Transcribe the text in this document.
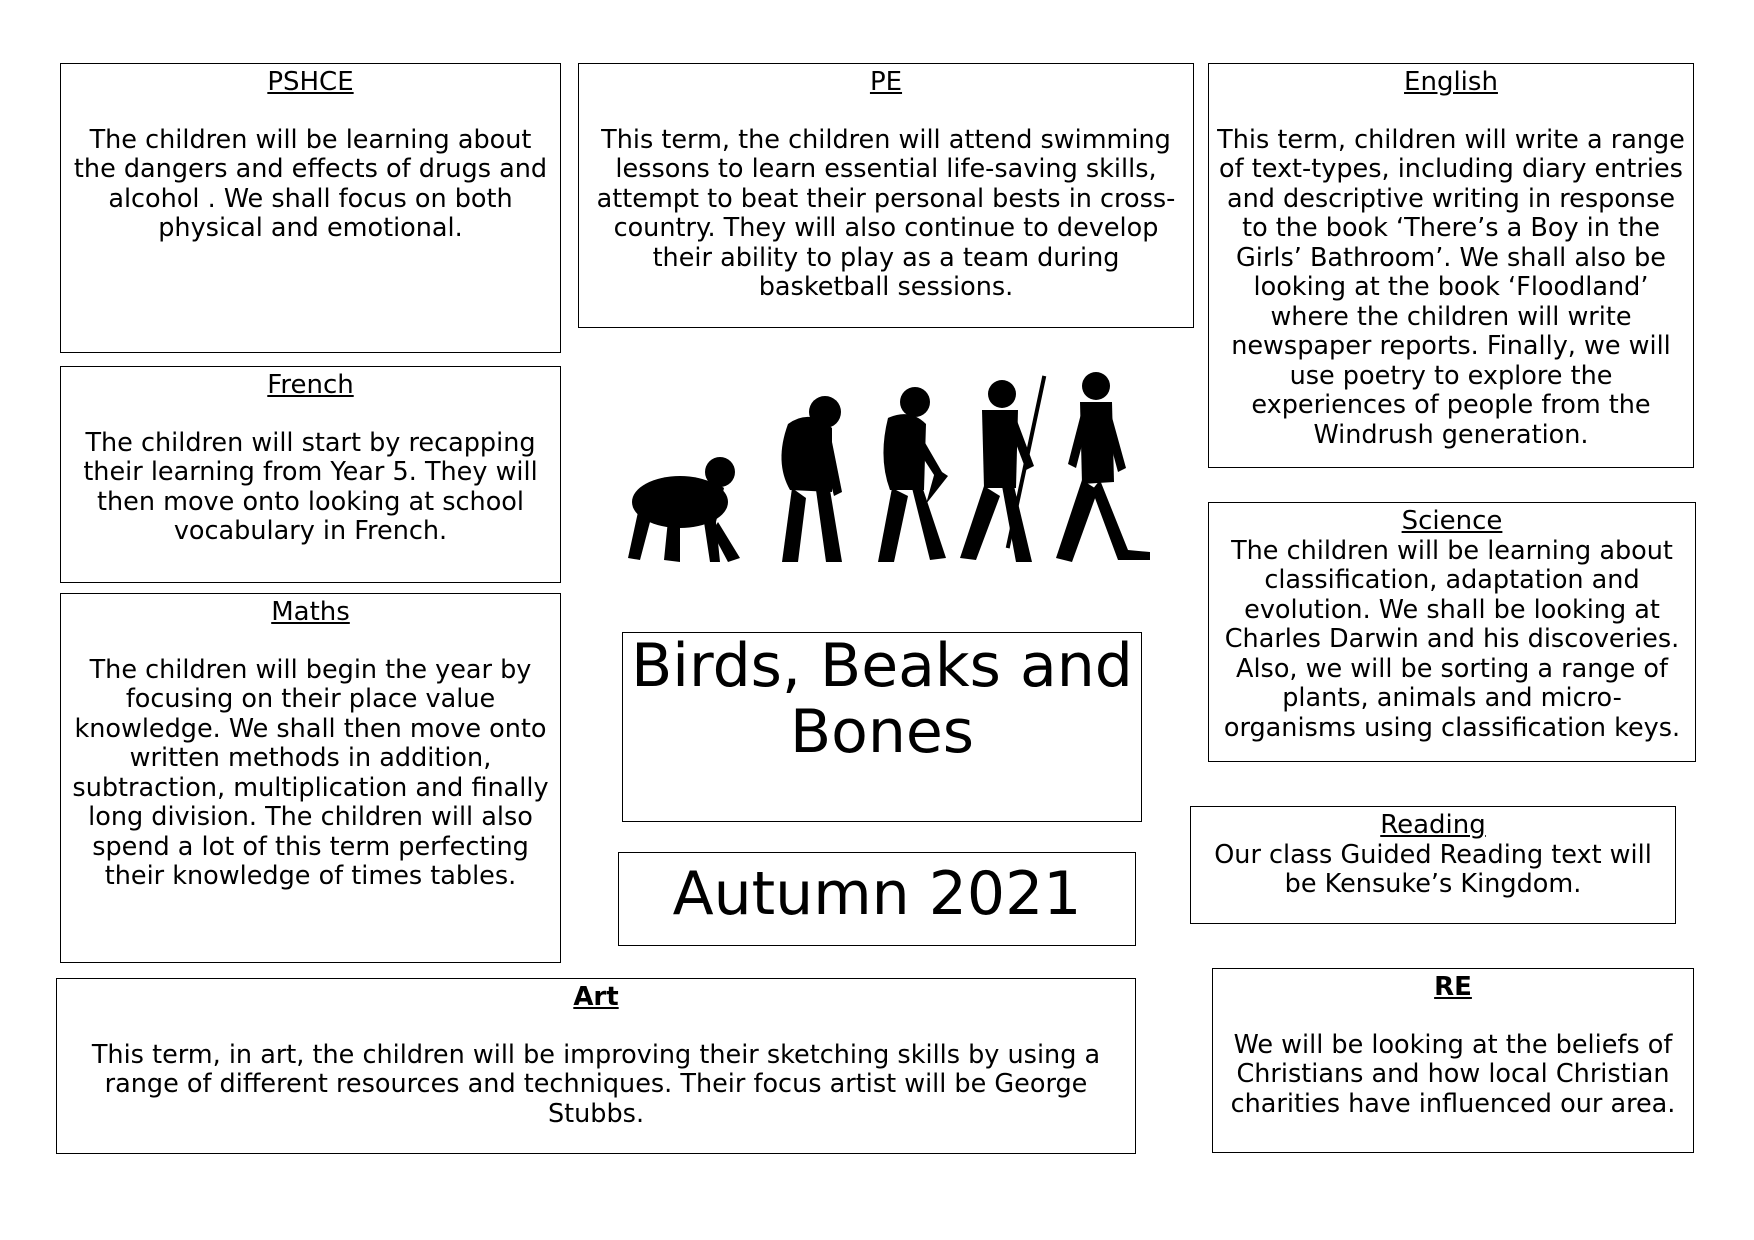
PSHCE

The children will be learning about the dangers and effects of drugs and alcohol . We shall focus on both physical and emotional.

PE

This term, the children will attend swimming lessons to learn essential life-saving skills, attempt to beat their personal bests in cross-country. They will also continue to develop their ability to play as a team during basketball sessions.

English

This term, children will write a range of text-types, including diary entries and descriptive writing in response to the book ‘There’s a Boy in the Girls’ Bathroom’. We shall also be looking at the book ‘Floodland’ where the children will write newspaper reports. Finally, we will use poetry to explore the experiences of people from the Windrush generation.

French

The children will start by recapping their learning from Year 5. They will then move onto looking at school vocabulary in French.

Birds, Beaks and Bones
Autumn 2021
Science

The children will be learning about classification, adaptation and evolution. We shall be looking at Charles Darwin and his discoveries. Also, we will be sorting a range of plants, animals and micro-organisms using classification keys.

Maths

The children will begin the year by focusing on their place value knowledge. We shall then move onto written methods in addition, subtraction, multiplication and finally long division. The children will also spend a lot of this term perfecting their knowledge of times tables.

Reading

Our class Guided Reading text will be Kensuke’s Kingdom.

Art

This term, in art, the children will be improving their sketching skills by using a range of different resources and techniques. Their focus artist will be George Stubbs.

RE

We will be looking at the beliefs of Christians and how local Christian charities have influenced our area.
